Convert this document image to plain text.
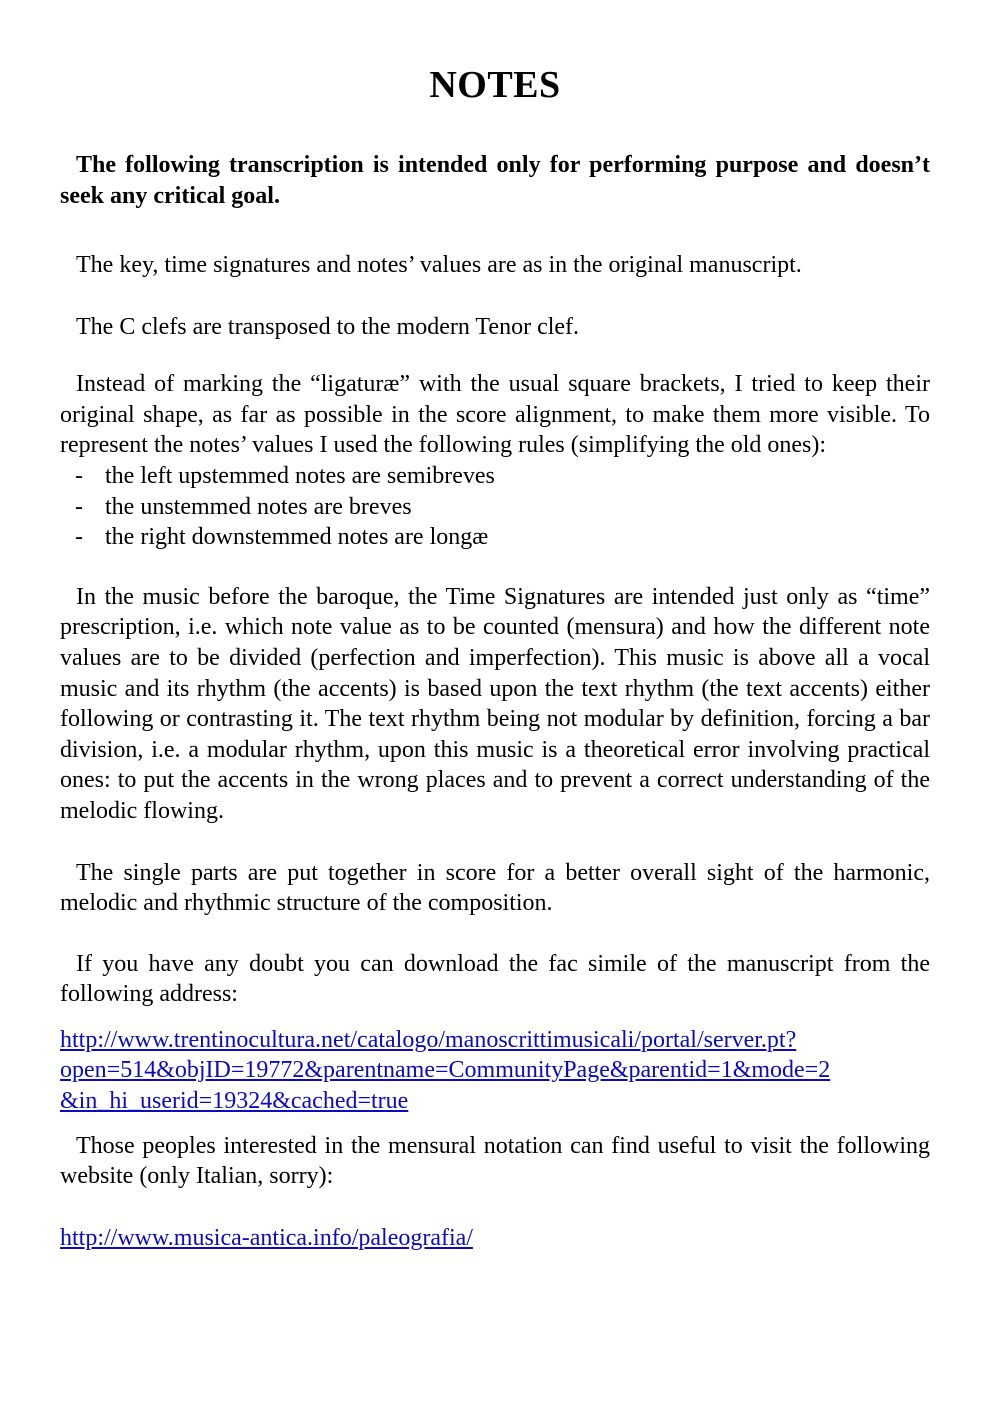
NOTES

The following transcription is intended only for performing purpose and doesn’t seek any critical goal.

The key, time signatures and notes’ values are as in the original manuscript.

The C clefs are transposed to the modern Tenor clef.

Instead of marking the “ligaturæ” with the usual square brackets, I tried to keep their original shape, as far as possible in the score alignment, to make them more visible. To represent the notes’ values I used the following rules (simplifying the old ones):

- the left upstemmed notes are semibreves
- the unstemmed notes are breves
- the right downstemmed notes are longæ

In the music before the baroque, the Time Signatures are intended just only as “time” prescription, i.e. which note value as to be counted (mensura) and how the different note values are to be divided (perfection and imperfection). This music is above all a vocal music and its rhythm (the accents) is based upon the text rhythm (the text accents) either following or contrasting it. The text rhythm being not modular by definition, forcing a bar division, i.e. a modular rhythm, upon this music is a theoretical error involving practical ones: to put the accents in the wrong places and to prevent a correct understanding of the melodic flowing.

The single parts are put together in score for a better overall sight of the harmonic, melodic and rhythmic structure of the composition.

If you have any doubt you can download the fac simile of the manuscript from the following address:

http://www.trentinocultura.net/catalogo/manoscrittimusicali/portal/server.pt?
open=514&objID=19772&parentname=CommunityPage&parentid=1&mode=2
&in_hi_userid=19324&cached=true

Those peoples interested in the mensural notation can find useful to visit the following website (only Italian, sorry):

http://www.musica-antica.info/paleografia/
